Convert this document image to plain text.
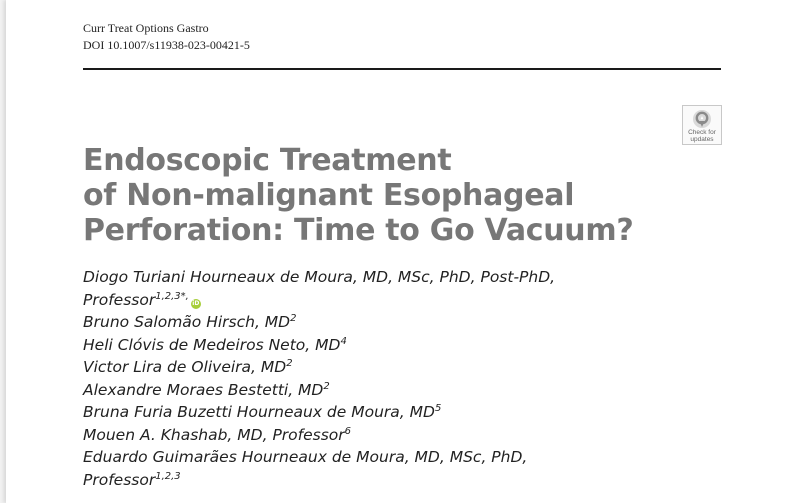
Curr Treat Options Gastro
DOI 10.1007/s11938-023-00421-5
Check for
updates
Endoscopic Treatment
of Non-malignant Esophageal
Perforation: Time to Go Vacuum?
Diogo Turiani Hourneaux de Moura, MD, MSc, PhD, Post-PhD,
Professor$^{1,2,3*,}$iD
Bruno Salomão Hirsch, $MD^2$
Heli Clóvis de Medeiros Neto, $MD^4$
Victor Lira de Oliveira, $MD^2$
Alexandre Moraes Bestetti, $MD^2$
Bruna Furia Buzetti Hourneaux de Moura, $MD^5$
Mouen A. Khashab, MD, Professor$^6$
Eduardo Guimarães Hourneaux de Moura, MD, MSc, PhD,
Professor$^{1,2,3}$
